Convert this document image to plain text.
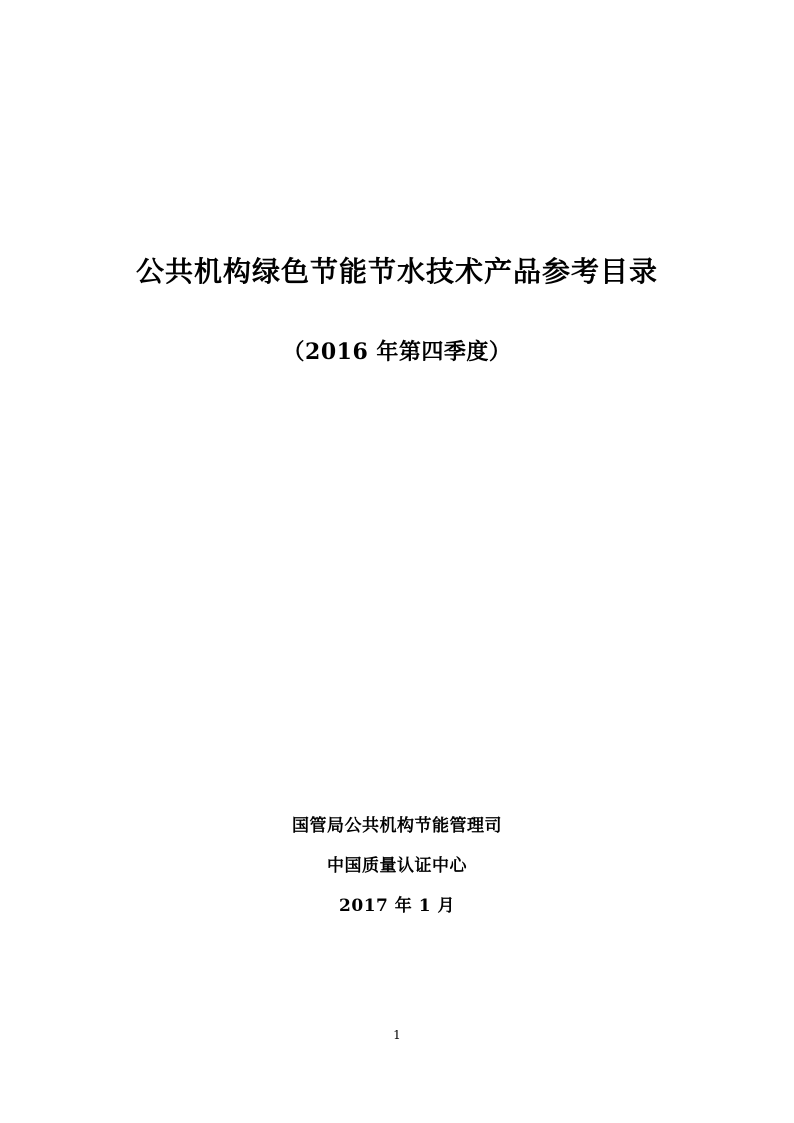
公共机构绿色节能节水技术产品参考目录
（2016 年第四季度）
国管局公共机构节能管理司
中国质量认证中心
2017 年 1 月
1
